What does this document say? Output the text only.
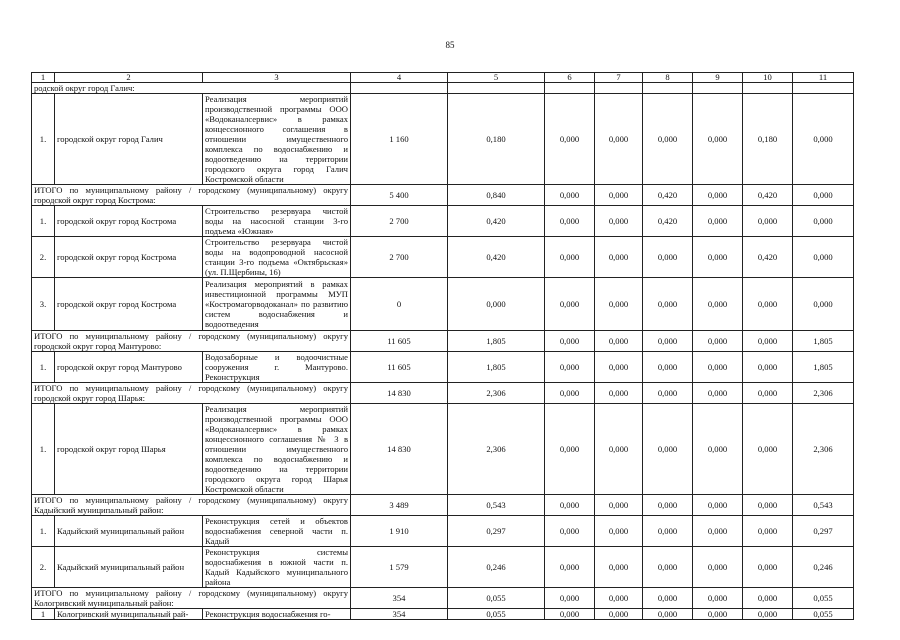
85
1	2	3	4	5	6	7	8	9	10	11
родской округ город Галич:										
1.	городской округ город Галич	Реализация мероприятий производственной программы ООО «Водоканалсервис» в рамках концессионного соглашения в отношении имущественного комплекса по водоснабжению и водоотведению на территории городского округа город Галич Костромской области	1 160	0,180	0,000	0,000	0,000	0,000	0,180	0,000
ИТОГО по муниципальному району / городскому (муниципальному) округу городской округ город Кострома:			5 400	0,840	0,000	0,000	0,420	0,000	0,420	0,000
1.	городской округ город Кострома	Строительство резервуара чистой воды на насосной станции 3-го подъема «Южная»	2 700	0,420	0,000	0,000	0,420	0,000	0,000	0,000
2.	городской округ город Кострома	Строительство резервуара чистой воды на водопроводной насосной станции 3-го подъема «Октябрьская» (ул. П.Щербины, 16)	2 700	0,420	0,000	0,000	0,000	0,000	0,420	0,000
3.	городской округ город Кострома	Реализация мероприятий в рамках инвестиционной программы МУП «Костромагорводоканал» по развитию систем водоснабжения и водоотведения	0	0,000	0,000	0,000	0,000	0,000	0,000	0,000
ИТОГО по муниципальному району / городскому (муниципальному) округу городской округ город Мантурово:			11 605	1,805	0,000	0,000	0,000	0,000	0,000	1,805
1.	городской округ город Мантурово	Водозаборные и водоочистные сооружения г. Мантурово. Реконструкция	11 605	1,805	0,000	0,000	0,000	0,000	0,000	1,805
ИТОГО по муниципальному району / городскому (муниципальному) округу городской округ город Шарья:			14 830	2,306	0,000	0,000	0,000	0,000	0,000	2,306
1.	городской округ город Шарья	Реализация мероприятий производственной программы ООО «Водоканалсервис» в рамках концессионного соглашения № 3 в отношении имущественного комплекса по водоснабжению и водоотведению на территории городского округа город Шарья Костромской области	14 830	2,306	0,000	0,000	0,000	0,000	0,000	2,306
ИТОГО по муниципальному району / городскому (муниципальному) округу Кадыйский муниципальный район:			3 489	0,543	0,000	0,000	0,000	0,000	0,000	0,543
1.	Кадыйский муниципальный район	Реконструкция сетей и объектов водоснабжения северной части п. Кадый	1 910	0,297	0,000	0,000	0,000	0,000	0,000	0,297
2.	Кадыйский муниципальный район	Реконструкция системы водоснабжения в южной части п. Кадый Кадыйского муниципального района	1 579	0,246	0,000	0,000	0,000	0,000	0,000	0,246
ИТОГО по муниципальному району / городскому (муниципальному) округу Кологривский муниципальный район:			354	0,055	0,000	0,000	0,000	0,000	0,000	0,055
1	Кологривский муниципальный рай-	Реконструкция водоснабжения го-	354	0,055	0,000	0,000	0,000	0,000	0,000	0,055
